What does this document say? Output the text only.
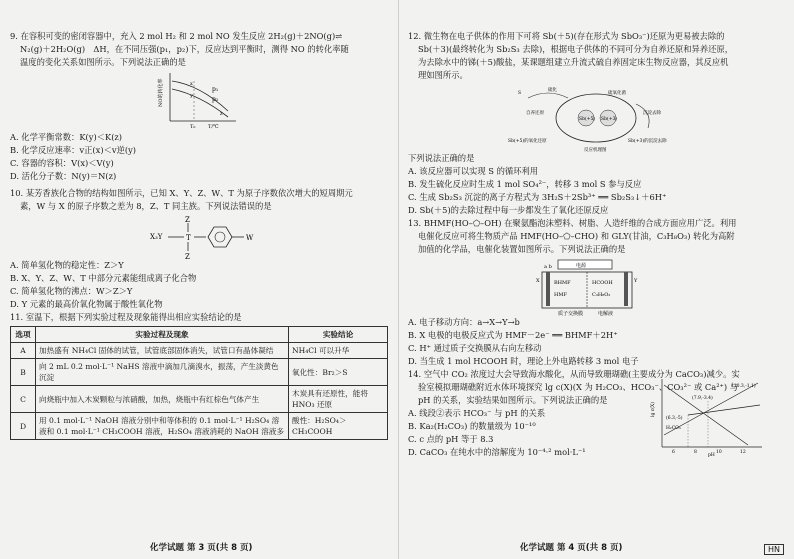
9. 在容积可变的密闭容器中，充入 2 mol H₂ 和 2 mol NO 发生反应 2H₂(g)＋2NO(g)⇌

N₂(g)＋2H₂O(g)　ΔH，在不同压强(p₁，p₂)下，反应达到平衡时，测得 NO 的转化率随

温度的变化关系如图所示。下列说法正确的是

NO的转化率	p₁
p₂
x
y
z
T₀	T/℃

A. 化学平衡常数：K(y)＜K(z)

B. 化学反应速率：v正(x)＜v逆(y)

C. 容器的容积：V(x)＜V(y)

D. 活化分子数：N(y)＝N(z)

10. 某芳香族化合物的结构如图所示，已知 X、Y、Z、W、T 为原子序数依次增大的短周期元

素，W 与 X 的原子序数之差为 8，Z、T 同主族。下列说法错误的是

X₃Y	T
Z
Z
W

A. 简单氢化物的稳定性：Z＞Y

B. X、Y、Z、W、T 中部分元素能组成离子化合物

C. 简单氢化物的沸点：W＞Z＞Y

D. Y 元素的最高价氧化物属于酸性氧化物

11. 室温下，根据下列实验过程及现象能得出相应实验结论的是

选项	实验过程及现象	实验结论
A	加热盛有 NH₄Cl 固体的试管，试管底部固体消失，试管口有晶体凝结	NH₄Cl 可以升华
B	向 2 mL 0.2 mol·L⁻¹ NaHS 溶液中滴加几滴溴水，振荡，产生淡黄色沉淀	氧化性：Br₂＞S
C	向烧瓶中加入木炭颗粒与浓硝酸，加热，烧瓶中有红棕色气体产生	木炭具有还原性，能将 HNO₃ 还原
D	用 0.1 mol·L⁻¹ NaOH 溶液分别中和等体积的 0.1 mol·L⁻¹ H₂SO₄ 溶液和 0.1 mol·L⁻¹ CH₃COOH 溶液，H₂SO₄ 溶液消耗的 NaOH 溶液多	酸性：H₂SO₄＞CH₃COOH

12. 微生物在电子供体的作用下可将 Sb(＋5)(存在形式为 SbO₃⁻)还原为更易被去除的

Sb(＋3)(最终转化为 Sb₂S₃ 去除)，根据电子供体的不同可分为自养还原和异养还原，

为去除水中的锑(＋5)酸盐，某课题组建立升流式硫自养固定床生物反应器，其反应机

理如图所示。

S
硫化
Sb(+5) Sb(+3)
自养还原	沉淀去除
硫氧化菌
Sb(+5)的氧化还原	Sb(+3)的沉淀去除
反应机理图

下列说法正确的是

A. 该反应器可以实现 S 的循环利用

B. 发生硫化反应时生成 1 mol SO₄²⁻，转移 3 mol S 参与反应

C. 生成 Sb₂S₃ 沉淀的离子方程式为 3H₂S＋2Sb³⁺ ══ Sb₂S₃↓＋6H⁺

D. Sb(＋5)的去除过程中每一步都发生了氧化还原反应

13. BHMF(HO–⬠–OH) 在聚氨酯泡沫塑料、树脂、人造纤维的合成方面应用广泛。利用

电催化反应可将生物质产品 HMF(HO–⬠–CHO) 和 GLY(甘油，C₃H₈O₃) 转化为高附

加值的化学品，电催化装置如图所示。下列说法正确的是

电源
a b
X	Y
BHMF
HMF
HCOOH
C₃H₈O₃
质子交换膜	电解液

A. 电子移动方向：a→X→Y→b

B. X 电极的电极反应式为 HMF－2e⁻ ══ BHMF＋2H⁺

C. H⁺ 通过质子交换膜从右向左移动

D. 当生成 1 mol HCOOH 时，理论上外电路转移 3 mol 电子

14. 空气中 CO₂ 浓度过大会导致海水酸化，从而导致珊瑚礁(主要成分为 CaCO₃)减少。实

验室模拟珊瑚礁附近水体环境探究 lg c(X)(X 为 H₂CO₃、HCO₃⁻、CO₃²⁻ 或 Ca²⁺) 与

pH 的关系，实验结果如图所示。下列说法正确的是

A. 线段②表示 HCO₃⁻ 与 pH 的关系

B. Ka₂(H₂CO₃) 的数量级为 10⁻¹⁰

C. c 点的 pH 等于 8.3

D. CaCO₃ 在纯水中的溶解度为 10⁻⁴·² mol·L⁻¹

lg c(X)
pH
(7.9,-3.4)
(6.3,-5)
(10.3,-1.1)
H₂CO₃
6	8	10	12
化学试题 第 3 页(共 8 页)	化学试题 第 4 页(共 8 页)	HN
